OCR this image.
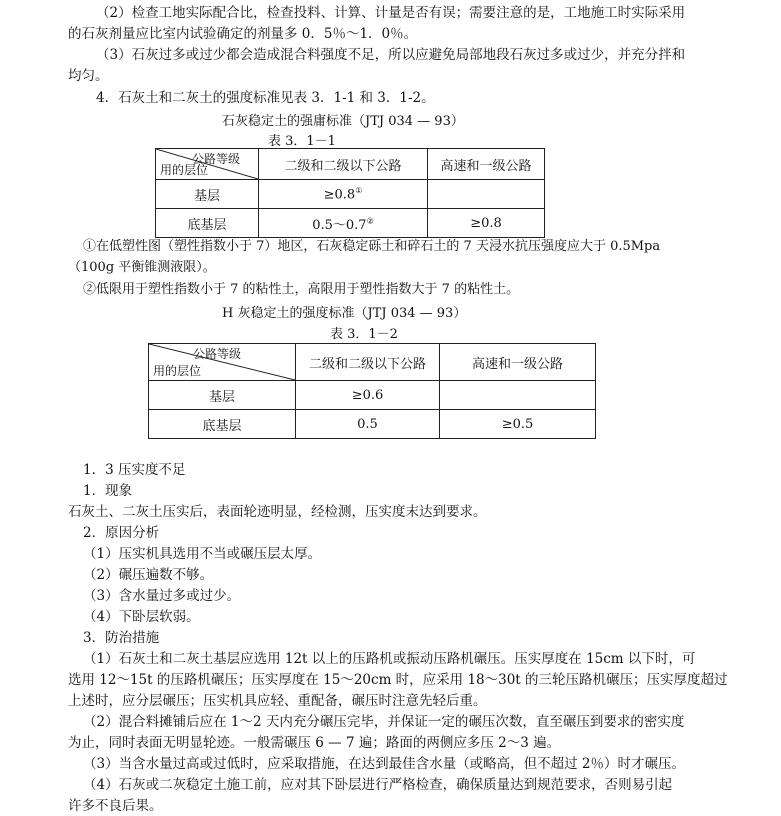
（2）检查工地实际配合比，检查投料、计算、计量是否有误；需要注意的是，工地施工时实际采用
的石灰剂量应比室内试验确定的剂量多 0．5％～1．0％。
（3）石灰过多或过少都会造成混合料强度不足，所以应避免局部地段石灰过多或过少，并充分拌和
均匀。
4．石灰土和二灰土的强度标准见表 3．1-1 和 3．1-2。
石灰稳定土的强庸标准（JTJ 034 — 93）
表 3．1－1
公路等级
用的层位	二级和二级以下公路	高速和一级公路
基层	≥0.8①	
底基层	0.5～0.7②	≥0.8
①在低塑性图（塑性指数小于 7）地区，石灰稳定砾土和碎石土的 7 天浸水抗压强度应大于 0.5Mpa
（100g 平衡锥测液限）。
②低限用于塑性指数小于 7 的粘性土，高限用于塑性指数大于 7 的粘性土。
H 灰稳定土的强度标准（JTJ 034 — 93）
表 3．1－2
公路等级
用的层位	二级和二级以下公路	高速和一级公路
基层	≥0.6	
底基层	0.5	≥0.5
1．3 压实度不足
1．现象
石灰土、二灰土压实后，表面轮迹明显，经检测，压实度末达到要求。
2．原因分析
（1）压实机具选用不当或碾压层太厚。
（2）碾压遍数不够。
（3）含水量过多或过少。
（4）下卧层软弱。
3．防治措施
（1）石灰土和二灰土基层应选用 12t 以上的压路机或振动压路机碾压。压实厚度在 15cm 以下时，可
选用 12～15t 的压路机碾压；压实厚度在 15～20cm 时，应采用 18～30t 的三轮压路机碾压；压实厚度超过
上述时，应分层碾压；压实机具应轻、重配备，碾压时注意先轻后重。
（2）混合料摊铺后应在 1～2 天内充分碾压完毕，并保证一定的碾压次数，直至碾压到要求的密实度
为止，同时表面无明显轮迹。一般需碾压 6 — 7 遍；路面的两侧应多压 2～3 遍。
（3）当含水量过高或过低时，应采取措施，在达到最佳含水量（或略高，但不超过 2％）时才碾压。
（4）石灰或二灰稳定土施工前，应对其下卧层进行严格检查，确保质量达到规范要求，否则易引起
许多不良后果。
